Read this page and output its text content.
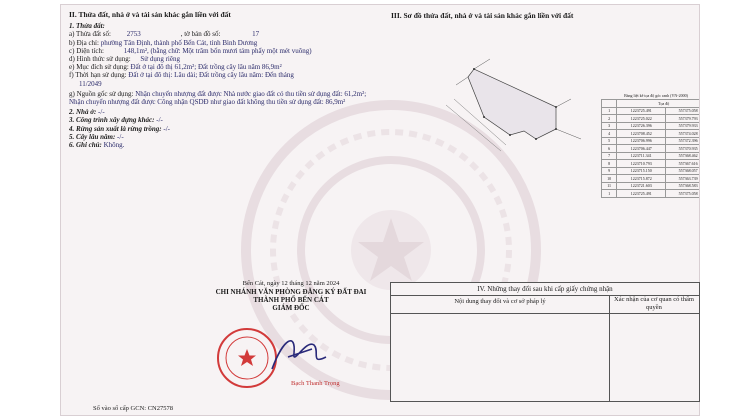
II. Thửa đất, nhà ở và tài sản khác gắn liền với đất
1. Thửa đất:
a) Thửa đất số: 2753	, tờ bản đồ số:	17
b) Địa chỉ: phường Tân Định, thành phố Bến Cát, tỉnh Bình Dương
c) Diện tích:	148,1m², (bằng chữ: Một trăm bốn mươi tám phẩy một mét vuông)
d) Hình thức sử dụng: Sử dụng riêng
e) Mục đích sử dụng: Đất ở tại đô thị 61,2m²; Đất trồng cây lâu năm 86,9m²
f) Thời hạn sử dụng: Đất ở tại đô thị: Lâu dài; Đất trồng cây lâu năm: Đến tháng
11/2049
g) Nguồn gốc sử dụng: Nhận chuyển nhượng đất được Nhà nước giao đất có thu tiền sử dụng đất: 61,2m²; Nhận chuyển nhượng đất được Công nhận QSDĐ như giao đất không thu tiền sử dụng đất: 86,9m²
2. Nhà ở: -/-
3. Công trình xây dựng khác: -/-
4. Rừng sản xuất là rừng trồng: -/-
5. Cây lâu năm: -/-
6. Ghi chú: Không.
Bến Cát, ngày 12 tháng 12 năm 2024
CHI NHÁNH VĂN PHÒNG ĐĂNG KÝ ĐẤT ĐAI
THÀNH PHỐ BẾN CÁT
GIÁM ĐỐC
Bạch Thanh Trọng
Số vào sổ cấp GCN: CN27578
III. Sơ đồ thửa đất, nhà ở và tài sản khác gắn liền với đất
Bảng liệt kê tọa độ góc ranh (VN-2000)
	Tọa độ	
1	1223725.491	557375.058
2	1223725.022	557379.793
3	1223726.396	557379.933
4	1223708.452	557374.028
5	1223706.996	557372.396
6	1223706.447	557370.935
7	1223711.341	557368.462
8	1223710.793	557367.616
9	1223715.150	557368.057
10	1223715.872	557363.739
11	1223721.603	557368.583
1	1223725.491	557375.058
IV. Những thay đổi sau khi cấp giấy chứng nhận
Nội dung thay đổi và cơ sở pháp lý	Xác nhận của cơ quan có thẩm quyền
